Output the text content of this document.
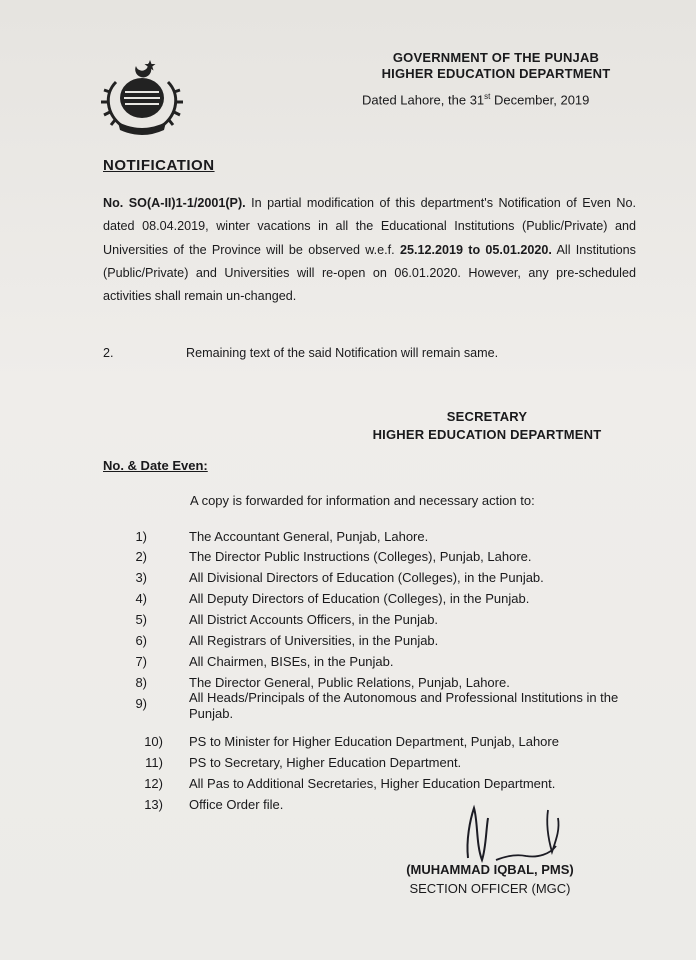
GOVERNMENT OF THE PUNJAB
HIGHER EDUCATION DEPARTMENT
Dated Lahore, the 31st December, 2019
NOTIFICATION
No. SO(A-II)1-1/2001(P). In partial modification of this department's Notification of Even No. dated 08.04.2019, winter vacations in all the Educational Institutions (Public/Private) and Universities of the Province will be observed w.e.f. 25.12.2019 to 05.01.2020. All Institutions (Public/Private) and Universities will re-open on 06.01.2020. However, any pre-scheduled activities shall remain un-changed.
2.	Remaining text of the said Notification will remain same.
SECRETARY
HIGHER EDUCATION DEPARTMENT
No. & Date Even:
A copy is forwarded for information and necessary action to:
1)	The Accountant General, Punjab, Lahore.
2)	The Director Public Instructions (Colleges), Punjab, Lahore.
3)	All Divisional Directors of Education (Colleges), in the Punjab.
4)	All Deputy Directors of Education (Colleges), in the Punjab.
5)	All District Accounts Officers, in the Punjab.
6)	All Registrars of Universities, in the Punjab.
7)	All Chairmen, BISEs, in the Punjab.
8)	The Director General, Public Relations, Punjab, Lahore.
9)	All Heads/Principals of the Autonomous and Professional Institutions in the Punjab.
10) PS to Minister for Higher Education Department, Punjab, Lahore
11) PS to Secretary, Higher Education Department.
12) All Pas to Additional Secretaries, Higher Education Department.
13) Office Order file.
(MUHAMMAD IQBAL, PMS)
SECTION OFFICER (MGC)
